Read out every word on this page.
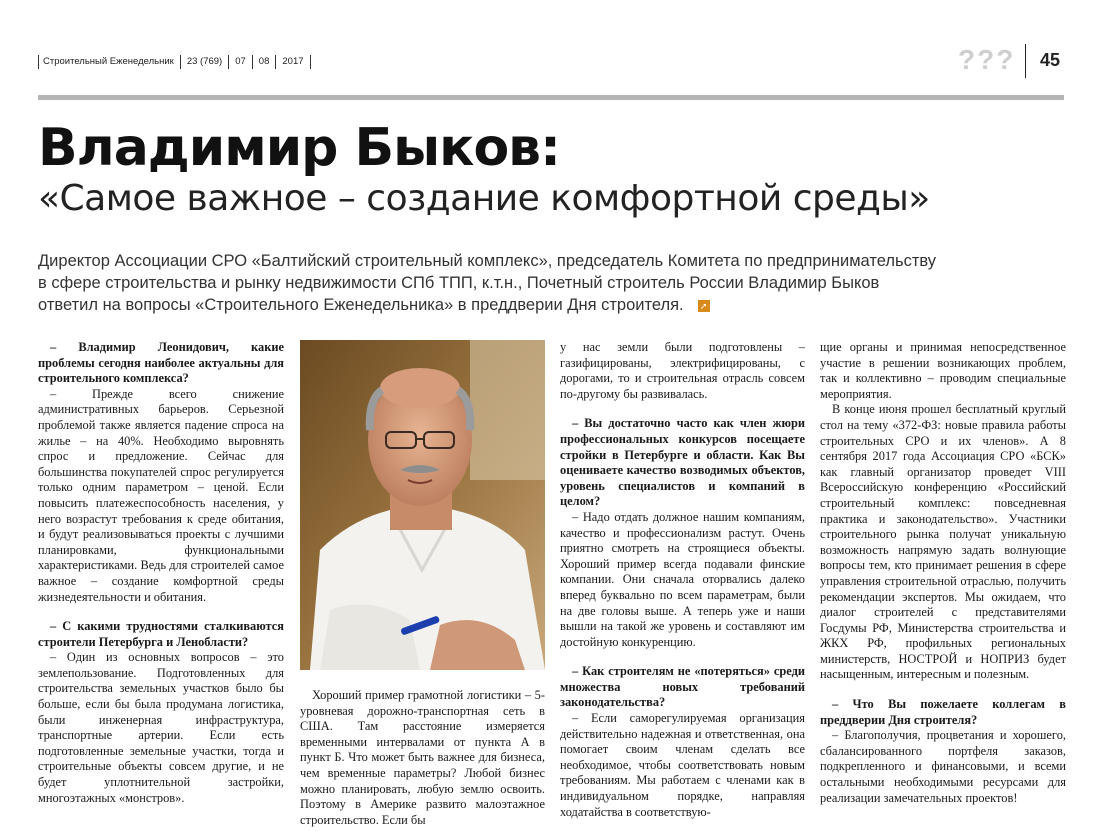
Строительный Еженедельник	23 (769)	07	08	2017	??? 45
Владимир Быков:
«Самое важное – создание комфортной среды»
Директор Ассоциации СРО «Балтийский строительный комплекс», председатель Комитета по предпринимательству
в сфере строительства и рынку недвижимости СПб ТПП, к.т.н., Почетный строитель России Владимир Быков
ответил на вопросы «Строительного Еженедельника» в преддверии Дня строителя. ➚

– Владимир Леонидович, какие проблемы сегодня наиболее актуальны для строительного комплекса?

– Прежде всего снижение административных барьеров. Серьезной проблемой также является падение спроса на жилье – на 40%. Необходимо выровнять спрос и предложение. Сейчас для большинства покупателей спрос регулируется только одним параметром – ценой. Если повысить платежеспособность населения, у него возрастут требования к среде обитания, и будут реализовываться проекты с лучшими планировками, функциональными характеристиками. Ведь для строителей самое важное – создание комфортной среды жизнедеятельности и обитания.

– С какими трудностями сталкиваются строители Петербурга и Ленобласти?

– Один из основных вопросов – это землепользование. Подготовленных для строительства земельных участков было бы больше, если бы была продумана логистика, были инженерная инфраструктура, транспортные артерии. Если есть подготовленные земельные участки, тогда и строительные объекты совсем другие, и не будет уплотнительной застройки, многоэтажных «монстров».

Хороший пример грамотной логистики – 5-уровневая дорожно-транспортная сеть в США. Там расстояние измеряется временными интервалами от пункта А в пункт Б. Что может быть важнее для бизнеса, чем временные параметры? Любой бизнес можно планировать, любую землю освоить. Поэтому в Америке развито малоэтажное строительство. Если бы

у нас земли были подготовлены – газифицированы, электрифицированы, с дорогами, то и строительная отрасль совсем по-другому бы развивалась.

– Вы достаточно часто как член жюри профессиональных конкурсов посещаете стройки в Петербурге и области. Как Вы оцениваете качество возводимых объектов, уровень специалистов и компаний в целом?

– Надо отдать должное нашим компаниям, качество и профессионализм растут. Очень приятно смотреть на строящиеся объекты. Хороший пример всегда подавали финские компании. Они сначала оторвались далеко вперед буквально по всем параметрам, были на две головы выше. А теперь уже и наши вышли на такой же уровень и составляют им достойную конкуренцию.

– Как строителям не «потеряться» среди множества новых требований законодательства?

– Если саморегулируемая организация действительно надежная и ответственная, она помогает своим членам сделать все необходимое, чтобы соответствовать новым требованиям. Мы работаем с членами как в индивидуальном порядке, направляя ходатайства в соответствую-

щие органы и принимая непосредственное участие в решении возникающих проблем, так и коллективно – проводим специальные мероприятия.

В конце июня прошел бесплатный круглый стол на тему «372-ФЗ: новые правила работы строительных СРО и их членов». А 8 сентября 2017 года Ассоциация СРО «БСК» как главный организатор проведет VIII Всероссийскую конференцию «Российский строительный комплекс: повседневная практика и законодательство». Участники строительного рынка получат уникальную возможность напрямую задать волнующие вопросы тем, кто принимает решения в сфере управления строительной отраслью, получить рекомендации экспертов. Мы ожидаем, что диалог строителей с представителями Госдумы РФ, Министерства строительства и ЖКХ РФ, профильных региональных министерств, НОСТРОЙ и НОПРИЗ будет насыщенным, интересным и полезным.

– Что Вы пожелаете коллегам в преддверии Дня строителя?

– Благополучия, процветания и хорошего, сбалансированного портфеля заказов, подкрепленного и финансовыми, и всеми остальными необходимыми ресурсами для реализации замечательных проектов!
